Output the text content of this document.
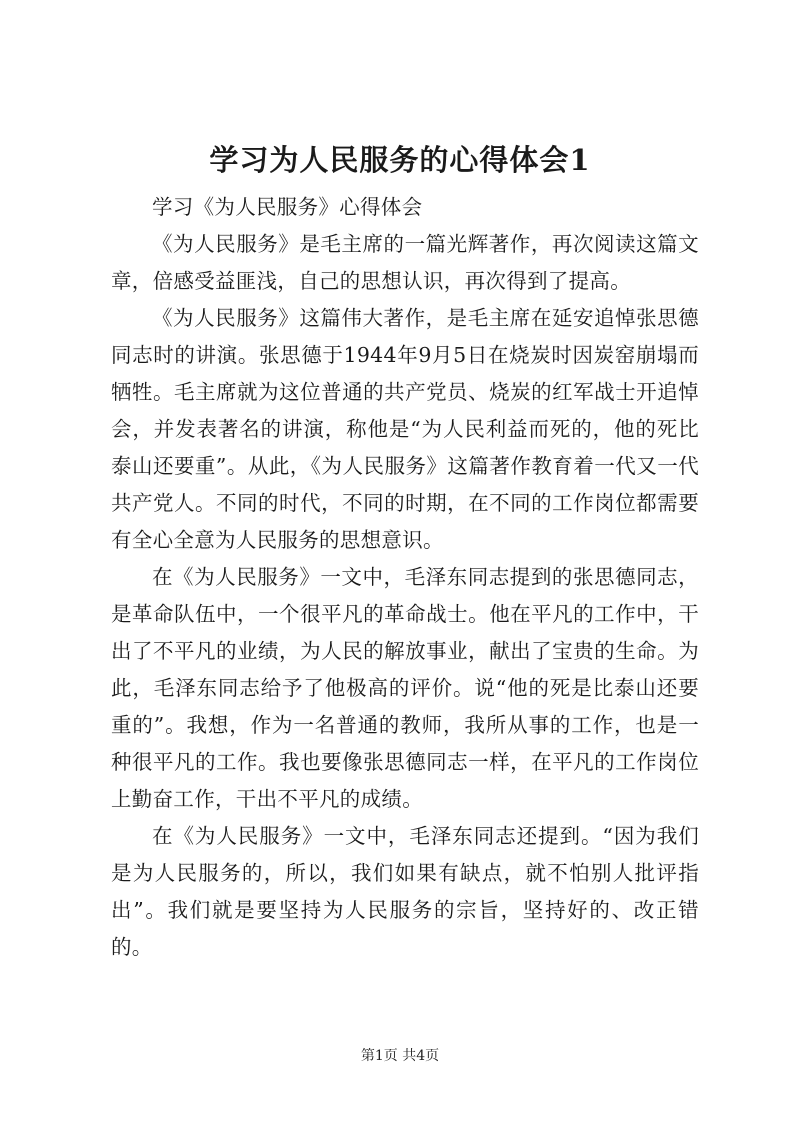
学习为人民服务的心得体会1

学习《为人民服务》心得体会

《为人民服务》是毛主席的一篇光辉著作，再次阅读这篇文章，倍感受益匪浅，自己的思想认识，再次得到了提高。

《为人民服务》这篇伟大著作，是毛主席在延安追悼张思德同志时的讲演。张思德于1944年9月5日在烧炭时因炭窑崩塌而牺牲。毛主席就为这位普通的共产党员、烧炭的红军战士开追悼会，并发表著名的讲演，称他是“为人民利益而死的，他的死比泰山还要重”。从此，《为人民服务》这篇著作教育着一代又一代共产党人。不同的时代，不同的时期，在不同的工作岗位都需要有全心全意为人民服务的思想意识。

在《为人民服务》一文中，毛泽东同志提到的张思德同志，是革命队伍中，一个很平凡的革命战士。他在平凡的工作中，干出了不平凡的业绩，为人民的解放事业，献出了宝贵的生命。为此，毛泽东同志给予了他极高的评价。说“他的死是比泰山还要重的”。我想，作为一名普通的教师，我所从事的工作，也是一种很平凡的工作。我也要像张思德同志一样，在平凡的工作岗位上勤奋工作，干出不平凡的成绩。

在《为人民服务》一文中，毛泽东同志还提到。“因为我们是为人民服务的，所以，我们如果有缺点，就不怕别人批评指出”。我们就是要坚持为人民服务的宗旨，坚持好的、改正错的。

第1页 共4页
